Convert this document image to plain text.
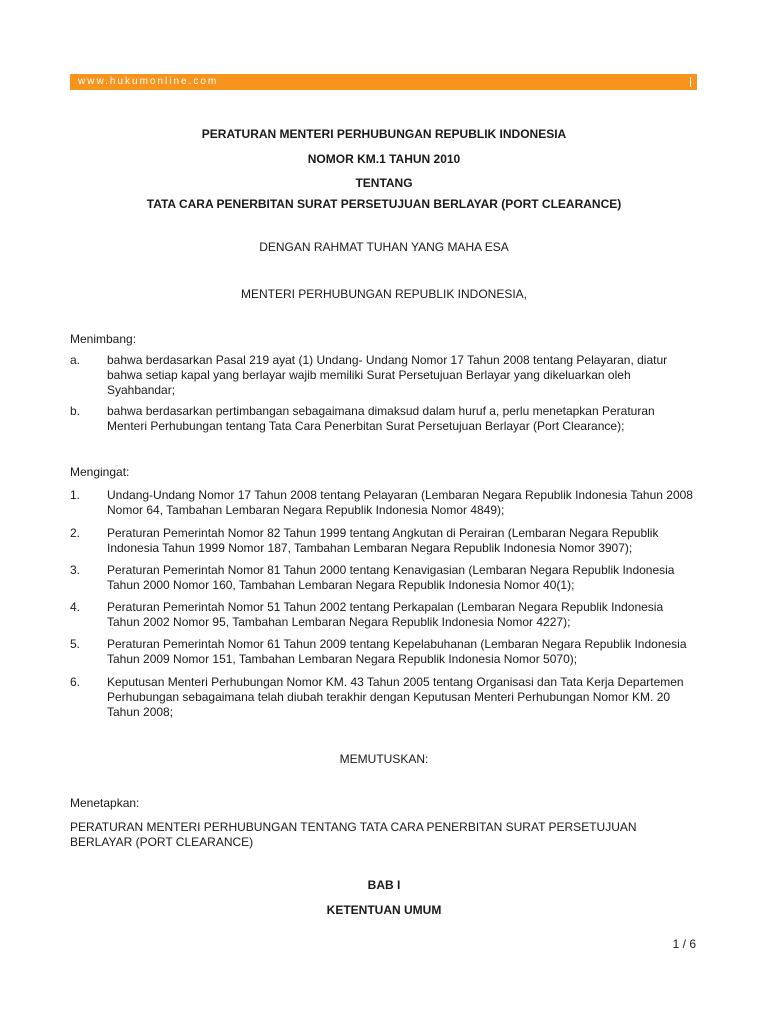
www.hukumonline.com
PERATURAN MENTERI PERHUBUNGAN REPUBLIK INDONESIA
NOMOR KM.1 TAHUN 2010
TENTANG
TATA CARA PENERBITAN SURAT PERSETUJUAN BERLAYAR (PORT CLEARANCE)
DENGAN RAHMAT TUHAN YANG MAHA ESA
MENTERI PERHUBUNGAN REPUBLIK INDONESIA,
Menimbang:
a. bahwa berdasarkan Pasal 219 ayat (1) Undang- Undang Nomor 17 Tahun 2008 tentang Pelayaran, diatur bahwa setiap kapal yang berlayar wajib memiliki Surat Persetujuan Berlayar yang dikeluarkan oleh Syahbandar;
b. bahwa berdasarkan pertimbangan sebagaimana dimaksud dalam huruf a, perlu menetapkan Peraturan Menteri Perhubungan tentang Tata Cara Penerbitan Surat Persetujuan Berlayar (Port Clearance);
Mengingat:
1. Undang-Undang Nomor 17 Tahun 2008 tentang Pelayaran (Lembaran Negara Republik Indonesia Tahun 2008 Nomor 64, Tambahan Lembaran Negara Republik Indonesia Nomor 4849);
2. Peraturan Pemerintah Nomor 82 Tahun 1999 tentang Angkutan di Perairan (Lembaran Negara Republik Indonesia Tahun 1999 Nomor 187, Tambahan Lembaran Negara Republik Indonesia Nomor 3907);
3. Peraturan Pemerintah Nomor 81 Tahun 2000 tentang Kenavigasian (Lembaran Negara Republik Indonesia Tahun 2000 Nomor 160, Tambahan Lembaran Negara Republik Indonesia Nomor 40(1);
4. Peraturan Pemerintah Nomor 51 Tahun 2002 tentang Perkapalan (Lembaran Negara Republik Indonesia Tahun 2002 Nomor 95, Tambahan Lembaran Negara Republik Indonesia Nomor 4227);
5. Peraturan Pemerintah Nomor 61 Tahun 2009 tentang Kepelabuhanan (Lembaran Negara Republik Indonesia Tahun 2009 Nomor 151, Tambahan Lembaran Negara Republik Indonesia Nomor 5070);
6. Keputusan Menteri Perhubungan Nomor KM. 43 Tahun 2005 tentang Organisasi dan Tata Kerja Departemen Perhubungan sebagaimana telah diubah terakhir dengan Keputusan Menteri Perhubungan Nomor KM. 20 Tahun 2008;
MEMUTUSKAN:
Menetapkan:
PERATURAN MENTERI PERHUBUNGAN TENTANG TATA CARA PENERBITAN SURAT PERSETUJUAN BERLAYAR (PORT CLEARANCE)
BAB I
KETENTUAN UMUM
1 / 6
